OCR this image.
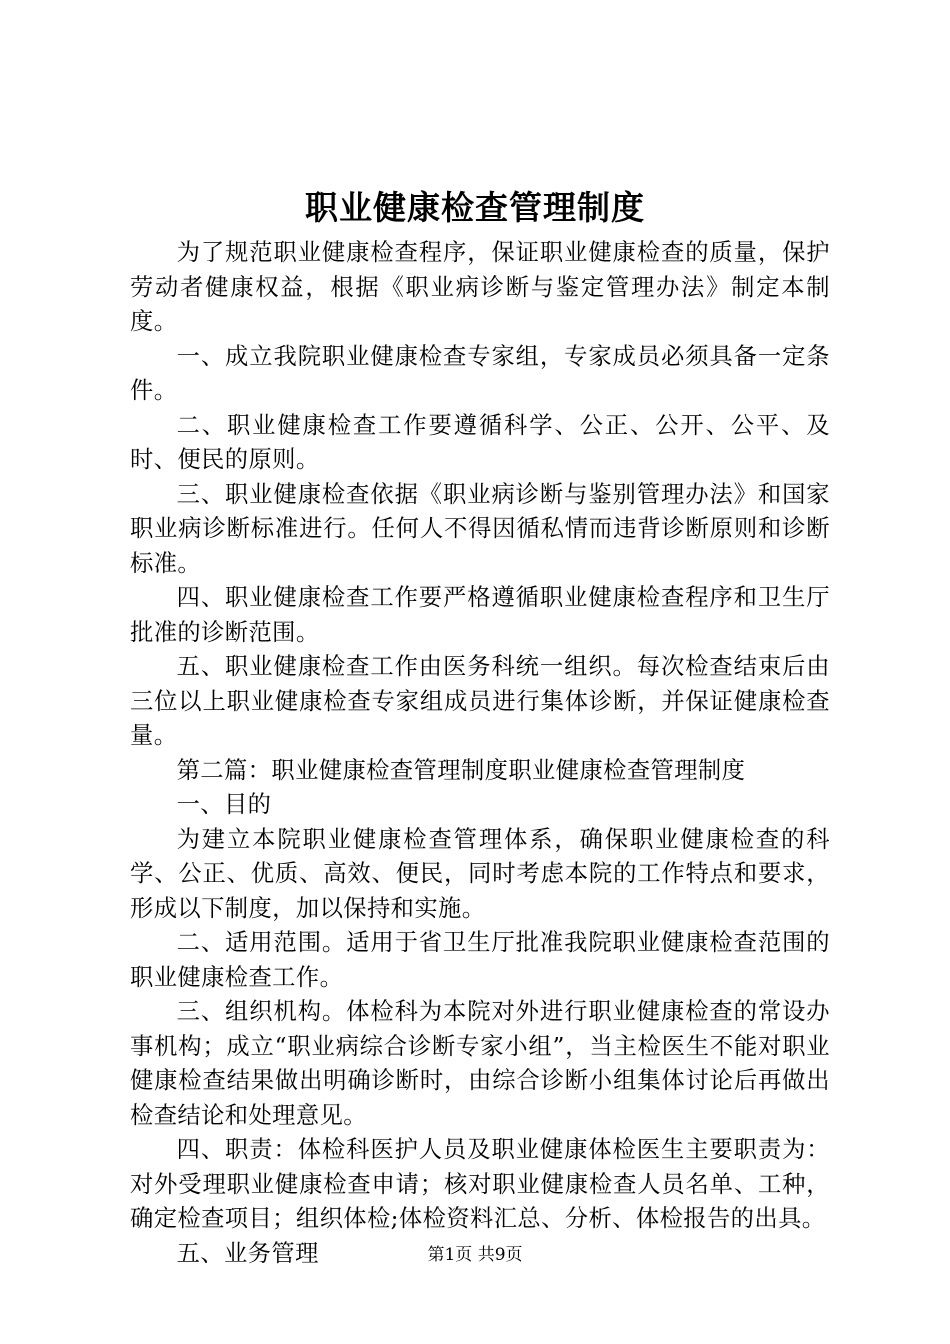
职业健康检查管理制度

为了规范职业健康检查程序，保证职业健康检查的质量，保护劳动者健康权益，根据《职业病诊断与鉴定管理办法》制定本制度。

一、成立我院职业健康检查专家组，专家成员必须具备一定条件。

二、职业健康检查工作要遵循科学、公正、公开、公平、及时、便民的原则。

三、职业健康检查依据《职业病诊断与鉴别管理办法》和国家职业病诊断标准进行。任何人不得因循私情而违背诊断原则和诊断标准。

四、职业健康检查工作要严格遵循职业健康检查程序和卫生厅批准的诊断范围。

五、职业健康检查工作由医务科统一组织。每次检查结束后由三位以上职业健康检查专家组成员进行集体诊断，并保证健康检查量。

第二篇：职业健康检查管理制度职业健康检查管理制度

一、目的

为建立本院职业健康检查管理体系，确保职业健康检查的科学、公正、优质、高效、便民，同时考虑本院的工作特点和要求，形成以下制度，加以保持和实施。

二、适用范围。适用于省卫生厅批准我院职业健康检查范围的职业健康检查工作。

三、组织机构。体检科为本院对外进行职业健康检查的常设办事机构；成立“职业病综合诊断专家小组”，当主检医生不能对职业健康检查结果做出明确诊断时，由综合诊断小组集体讨论后再做出检查结论和处理意见。

四、职责：体检科医护人员及职业健康体检医生主要职责为：对外受理职业健康检查申请；核对职业健康检查人员名单、工种，确定检查项目；组织体检;体检资料汇总、分析、体检报告的出具。

五、业务管理	第1页 共9页
